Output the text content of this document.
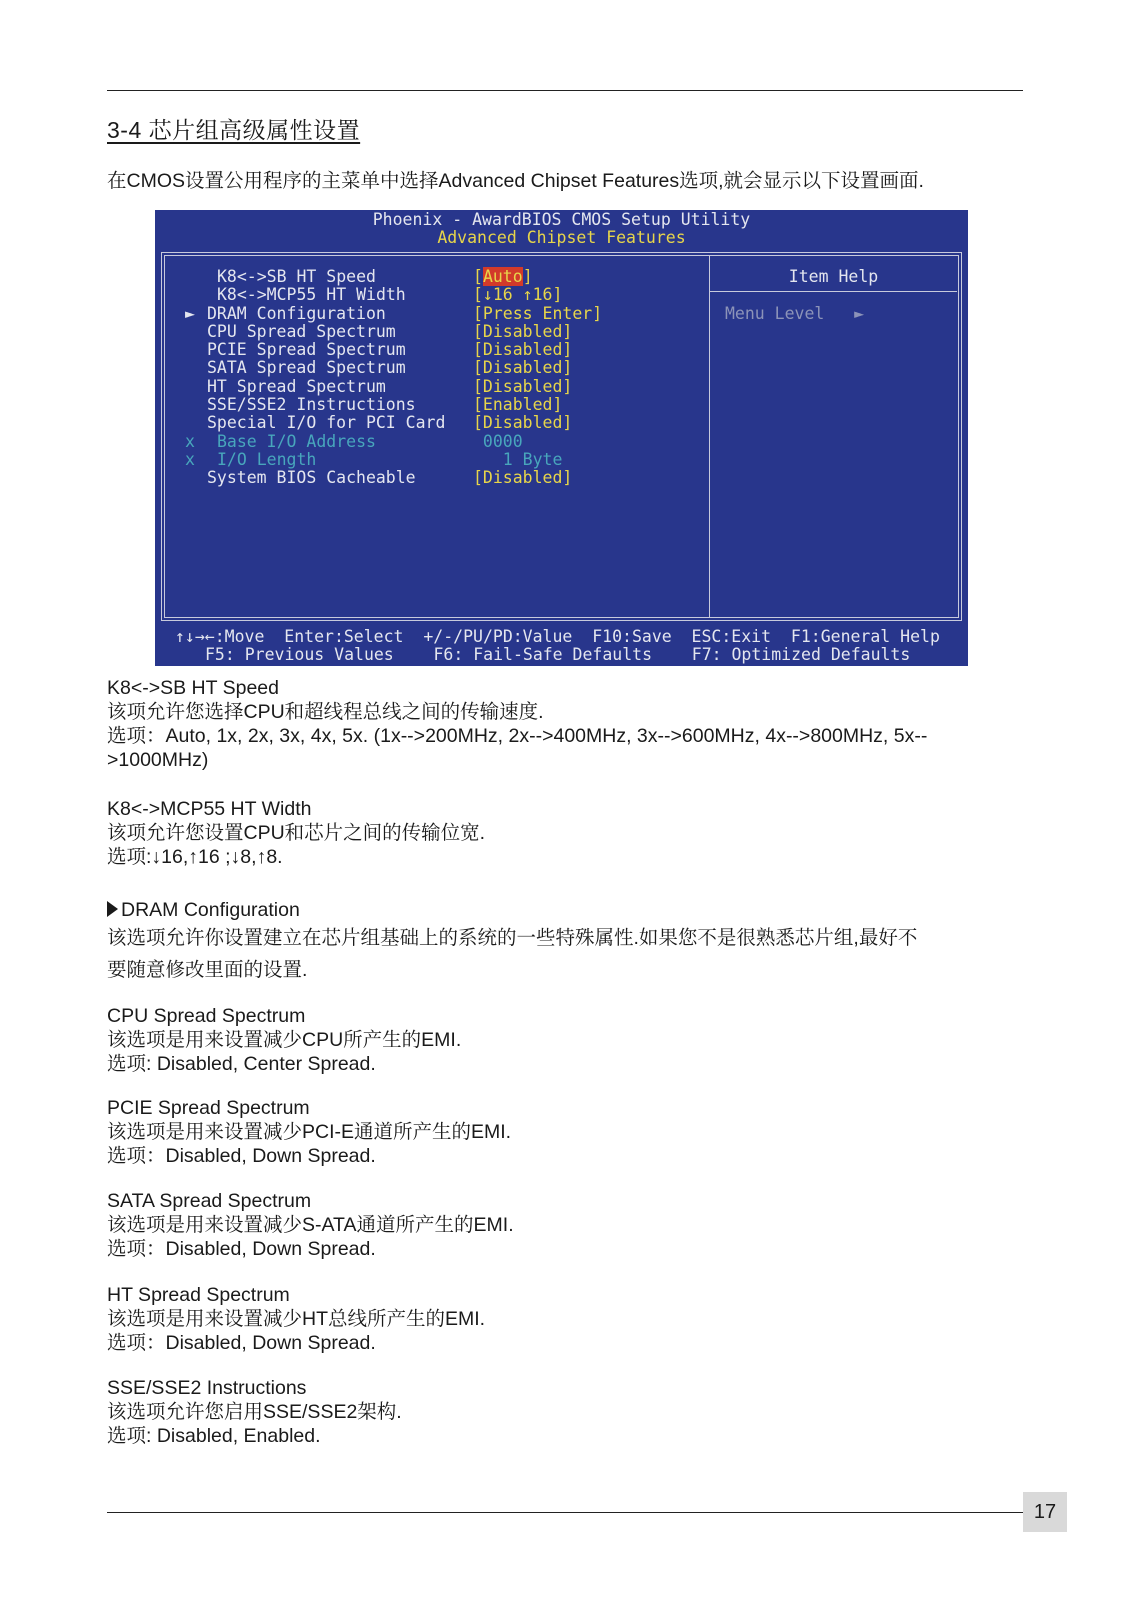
3-4 芯片组高级属性设置
在CMOS设置公用程序的主菜单中选择Advanced Chipset Features选项,就会显示以下设置画面.
Phoenix - AwardBIOS CMOS Setup Utility
Advanced Chipset Features
Item Help
Menu Level   ►
K8<->SB HT Speed	[Auto]
K8<->MCP55 HT Width	[↓16 ↑16]
► DRAM Configuration	[Press Enter]
CPU Spread Spectrum	[Disabled]
PCIE Spread Spectrum	[Disabled]
SATA Spread Spectrum	[Disabled]
HT Spread Spectrum	[Disabled]
SSE/SSE2 Instructions	[Enabled]
Special I/O for PCI Card [Disabled]
x Base I/O Address	0000
x I/O Length	1 Byte
System BIOS Cacheable	[Disabled]
↑↓→←:Move  Enter:Select  +/-/PU/PD:Value  F10:Save  ESC:Exit  F1:General Help
F5: Previous Values    F6: Fail-Safe Defaults    F7: Optimized Defaults
K8<->SB HT Speed
该项允许您选择CPU和超线程总线之间的传输速度.
选项：Auto, 1x, 2x, 3x, 4x, 5x. (1x-->200MHz, 2x-->400MHz, 3x-->600MHz, 4x-->800MHz, 5x--
>1000MHz)
K8<->MCP55 HT Width
该项允许您设置CPU和芯片之间的传输位宽.
选项:↓16,↑16 ;↓8,↑8.
DRAM Configuration
该选项允许你设置建立在芯片组基础上的系统的一些特殊属性.如果您不是很熟悉芯片组,最好不
要随意修改里面的设置.
CPU Spread Spectrum
该选项是用来设置减少CPU所产生的EMI.
选项: Disabled, Center Spread.
PCIE Spread Spectrum
该选项是用来设置减少PCI-E通道所产生的EMI.
选项：Disabled, Down Spread.
SATA Spread Spectrum
该选项是用来设置减少S-ATA通道所产生的EMI.
选项：Disabled, Down Spread.
HT Spread Spectrum
该选项是用来设置减少HT总线所产生的EMI.
选项：Disabled, Down Spread.
SSE/SSE2 Instructions
该选项允许您启用SSE/SSE2架构.
选项: Disabled, Enabled.
17
